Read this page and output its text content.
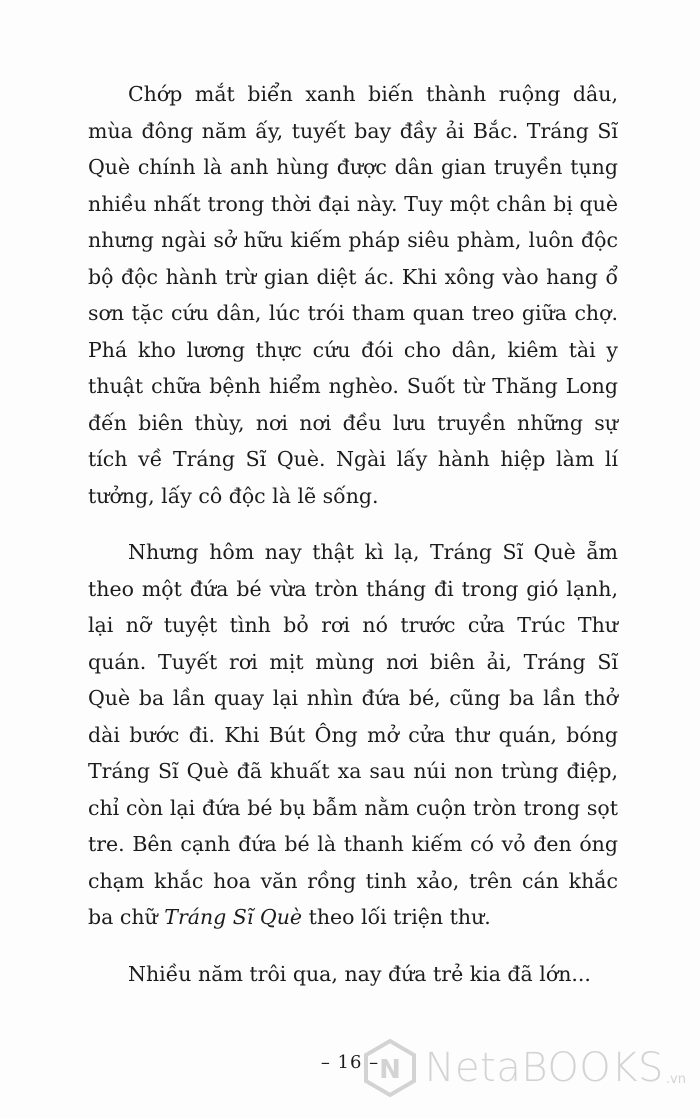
Chớp mắt biển xanh biến thành ruộng dâu, mùa đông năm ấy, tuyết bay đầy ải Bắc. Tráng Sĩ Què chính là anh hùng được dân gian truyền tụng nhiều nhất trong thời đại này. Tuy một chân bị què nhưng ngài sở hữu kiếm pháp siêu phàm, luôn độc bộ độc hành trừ gian diệt ác. Khi xông vào hang ổ sơn tặc cứu dân, lúc trói tham quan treo giữa chợ. Phá kho lương thực cứu đói cho dân, kiêm tài y thuật chữa bệnh hiểm nghèo. Suốt từ Thăng Long đến biên thùy, nơi nơi đều lưu truyền những sự tích về Tráng Sĩ Què. Ngài lấy hành hiệp làm lí tưởng, lấy cô độc là lẽ sống.

Nhưng hôm nay thật kì lạ, Tráng Sĩ Què ẵm theo một đứa bé vừa tròn tháng đi trong gió lạnh, lại nỡ tuyệt tình bỏ rơi nó trước cửa Trúc Thư quán. Tuyết rơi mịt mùng nơi biên ải, Tráng Sĩ Què ba lần quay lại nhìn đứa bé, cũng ba lần thở dài bước đi. Khi Bút Ông mở cửa thư quán, bóng Tráng Sĩ Què đã khuất xa sau núi non trùng điệp, chỉ còn lại đứa bé bụ bẫm nằm cuộn tròn trong sọt tre. Bên cạnh đứa bé là thanh kiếm có vỏ đen óng chạm khắc hoa văn rồng tinh xảo, trên cán khắc ba chữ Tráng Sĩ Què theo lối triện thư.

Nhiều năm trôi qua, nay đứa trẻ kia đã lớn...

– 16 – N NetaBOOKS .vn
